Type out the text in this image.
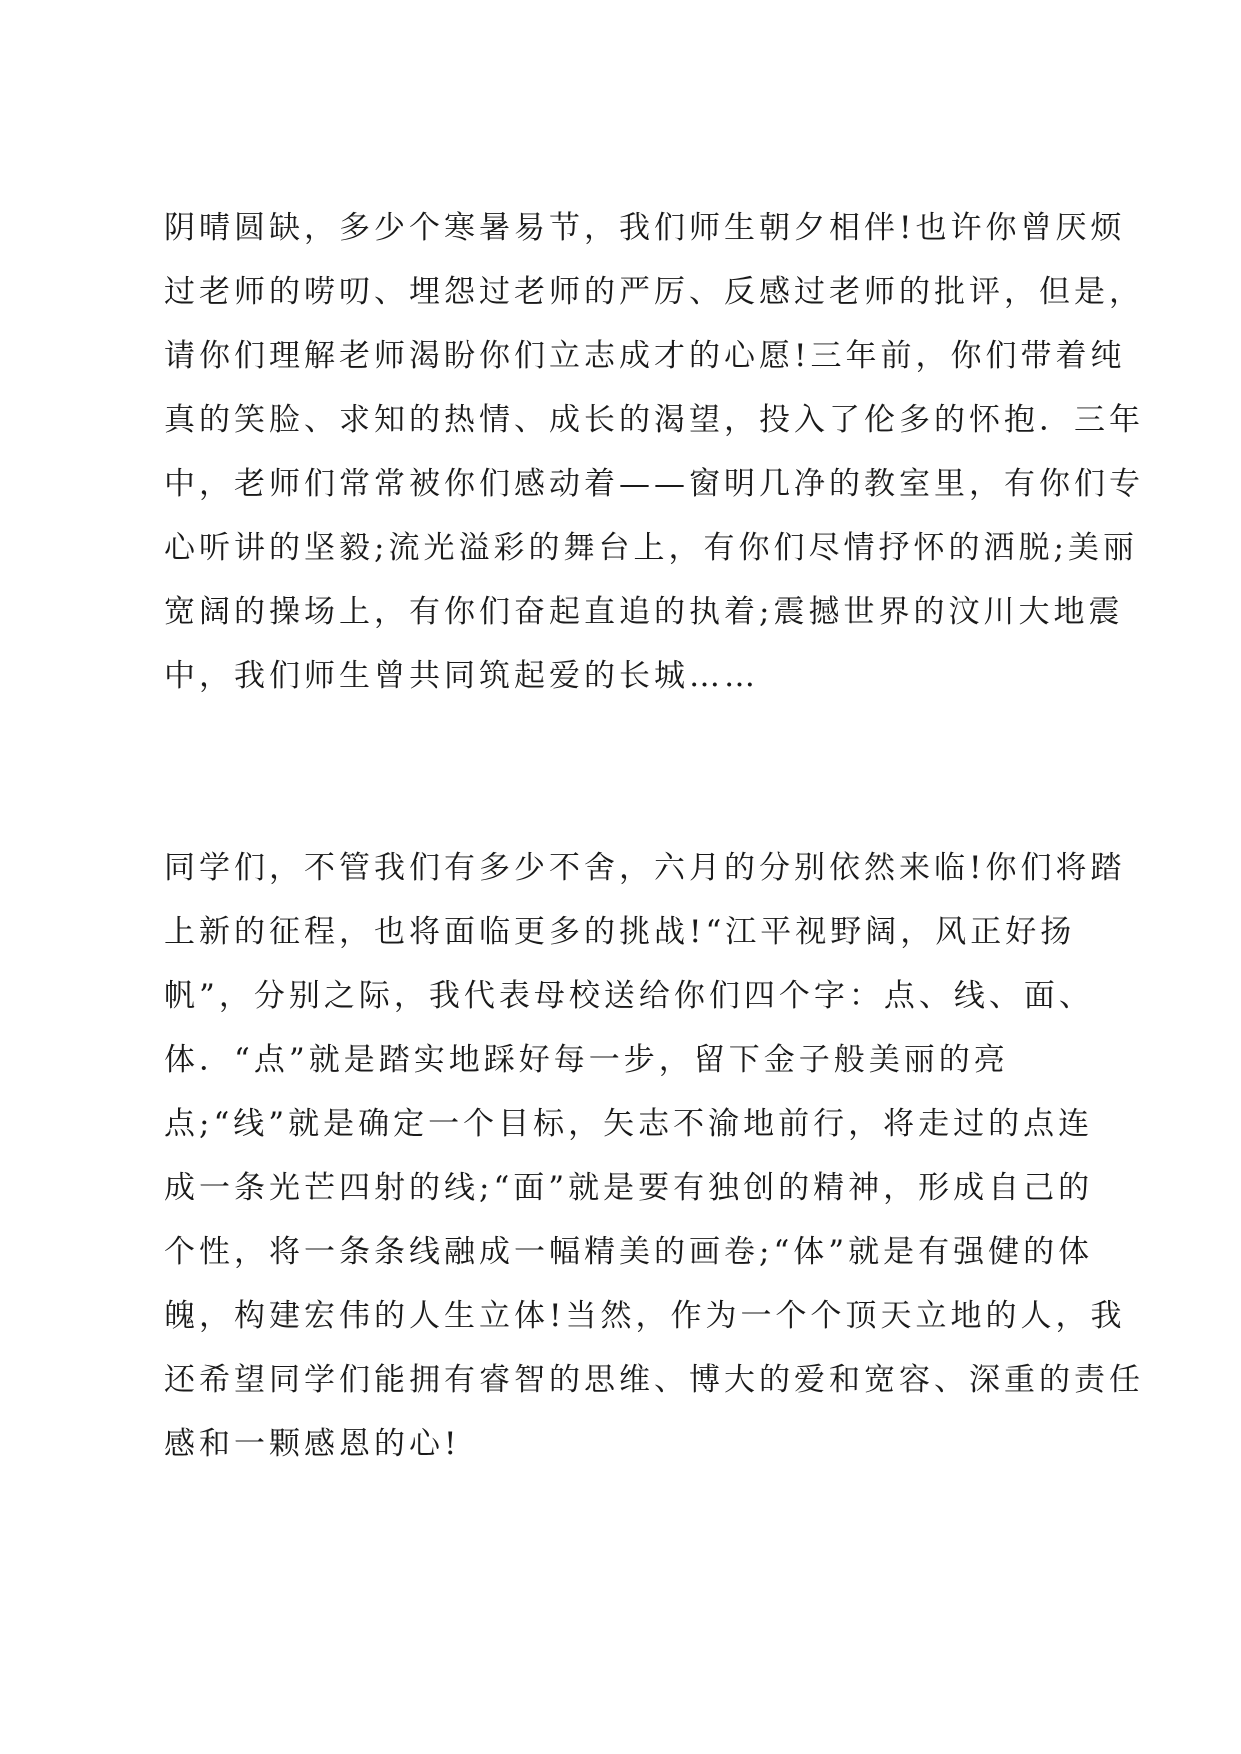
阴晴圆缺，多少个寒暑易节，我们师生朝夕相伴!也许你曾厌烦
过老师的唠叨、埋怨过老师的严厉、反感过老师的批评，但是，
请你们理解老师渴盼你们立志成才的心愿!三年前，你们带着纯
真的笑脸、求知的热情、成长的渴望，投入了伦多的怀抱．三年
中，老师们常常被你们感动着——窗明几净的教室里，有你们专
心听讲的坚毅;流光溢彩的舞台上，有你们尽情抒怀的洒脱;美丽
宽阔的操场上，有你们奋起直追的执着;震撼世界的汶川大地震
中，我们师生曾共同筑起爱的长城……
同学们，不管我们有多少不舍，六月的分别依然来临!你们将踏
上新的征程，也将面临更多的挑战!“江平视野阔，风正好扬
帆”，分别之际，我代表母校送给你们四个字：点、线、面、
体．“点”就是踏实地踩好每一步，留下金子般美丽的亮
点;“线”就是确定一个目标，矢志不渝地前行，将走过的点连
成一条光芒四射的线;“面”就是要有独创的精神，形成自己的
个性，将一条条线融成一幅精美的画卷;“体”就是有强健的体
魄，构建宏伟的人生立体!当然，作为一个个顶天立地的人，我
还希望同学们能拥有睿智的思维、博大的爱和宽容、深重的责任
感和一颗感恩的心!
